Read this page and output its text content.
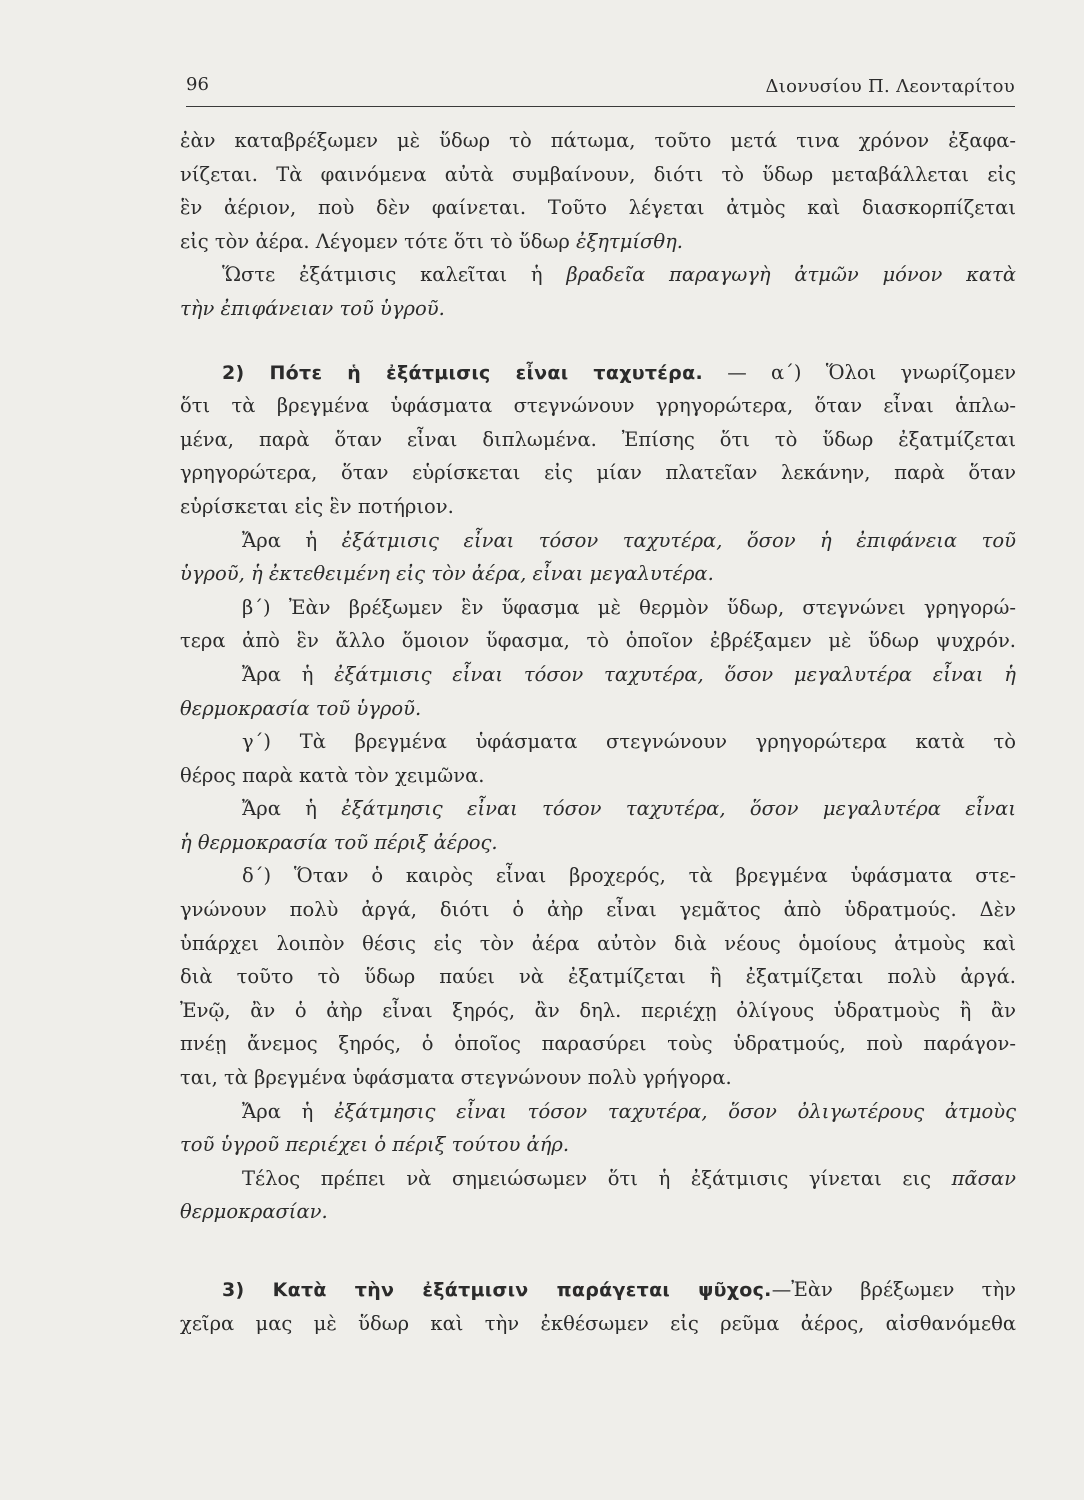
96	Διονυσίου Π. Λεονταρίτου
ἐὰν καταβρέξωμεν μὲ ὕδωρ τὸ πάτωμα, τοῦτο μετά τινα χρόνον ἐξαφα-
νίζεται. Τὰ φαινόμενα αὐτὰ συμβαίνουν, διότι τὸ ὕδωρ μεταβάλλεται εἰς
ἓν ἀέριον, ποὺ δὲν φαίνεται. Τοῦτο λέγεται ἀτμὸς καὶ διασκορπίζεται
εἰς τὸν ἀέρα. Λέγομεν τότε ὅτι τὸ ὕδωρ ἐξητμίσθη.
Ὥστε ἐξάτμισις καλεῖται ἡ βραδεῖα παραγωγὴ ἀτμῶν μόνον κατὰ
τὴν ἐπιφάνειαν τοῦ ὑγροῦ.
2) Πότε ἡ ἐξάτμισις εἶναι ταχυτέρα. — α΄) Ὅλοι γνωρίζομεν
ὅτι τὰ βρεγμένα ὑφάσματα στεγνώνουν γρηγορώτερα, ὅταν εἶναι ἁπλω-
μένα, παρὰ ὅταν εἶναι διπλωμένα. Ἐπίσης ὅτι τὸ ὕδωρ ἐξατμίζεται
γρηγορώτερα, ὅταν εὑρίσκεται εἰς μίαν πλατεῖαν λεκάνην, παρὰ ὅταν
εὑρίσκεται εἰς ἓν ποτήριον.
Ἄρα ἡ ἐξάτμισις εἶναι τόσον ταχυτέρα, ὅσον ἡ ἐπιφάνεια τοῦ
ὑγροῦ, ἡ ἐκτεθειμένη εἰς τὸν ἀέρα, εἶναι μεγαλυτέρα.
β΄) Ἐὰν βρέξωμεν ἓν ὕφασμα μὲ θερμὸν ὕδωρ, στεγνώνει γρηγορώ-
τερα ἀπὸ ἓν ἄλλο ὅμοιον ὕφασμα, τὸ ὁποῖον ἐβρέξαμεν μὲ ὕδωρ ψυχρόν.
Ἄρα ἡ ἐξάτμισις εἶναι τόσον ταχυτέρα, ὅσον μεγαλυτέρα εἶναι ἡ
θερμοκρασία τοῦ ὑγροῦ.
γ΄) Τὰ βρεγμένα ὑφάσματα στεγνώνουν γρηγορώτερα κατὰ τὸ
θέρος παρὰ κατὰ τὸν χειμῶνα.
Ἄρα ἡ ἐξάτμησις εἶναι τόσον ταχυτέρα, ὅσον μεγαλυτέρα εἶναι
ἡ θερμοκρασία τοῦ πέριξ ἀέρος.
δ΄) Ὅταν ὁ καιρὸς εἶναι βροχερός, τὰ βρεγμένα ὑφάσματα στε-
γνώνουν πολὺ ἀργά, διότι ὁ ἀὴρ εἶναι γεμᾶτος ἀπὸ ὑδρατμούς. Δὲν
ὑπάρχει λοιπὸν θέσις εἰς τὸν ἀέρα αὐτὸν διὰ νέους ὁμοίους ἀτμοὺς καὶ
διὰ τοῦτο τὸ ὕδωρ παύει νὰ ἐξατμίζεται ἢ ἐξατμίζεται πολὺ ἀργά.
Ἐνῷ, ἂν ὁ ἀὴρ εἶναι ξηρός, ἂν δηλ. περιέχῃ ὀλίγους ὑδρατμοὺς ἢ ἂν
πνέῃ ἄνεμος ξηρός, ὁ ὁποῖος παρασύρει τοὺς ὑδρατμούς, ποὺ παράγον-
ται, τὰ βρεγμένα ὑφάσματα στεγνώνουν πολὺ γρήγορα.
Ἄρα ἡ ἐξάτμησις εἶναι τόσον ταχυτέρα, ὅσον ὀλιγωτέρους ἀτμοὺς
τοῦ ὑγροῦ περιέχει ὁ πέριξ τούτου ἀήρ.
Τέλος πρέπει νὰ σημειώσωμεν ὅτι ἡ ἐξάτμισις γίνεται εις πᾶσαν
θερμοκρασίαν.
3) Κατὰ τὴν ἐξάτμισιν παράγεται ψῦχος.—Ἐὰν βρέξωμεν τὴν
χεῖρα μας μὲ ὕδωρ καὶ τὴν ἐκθέσωμεν εἰς ρεῦμα ἀέρος, αἰσθανόμεθα
